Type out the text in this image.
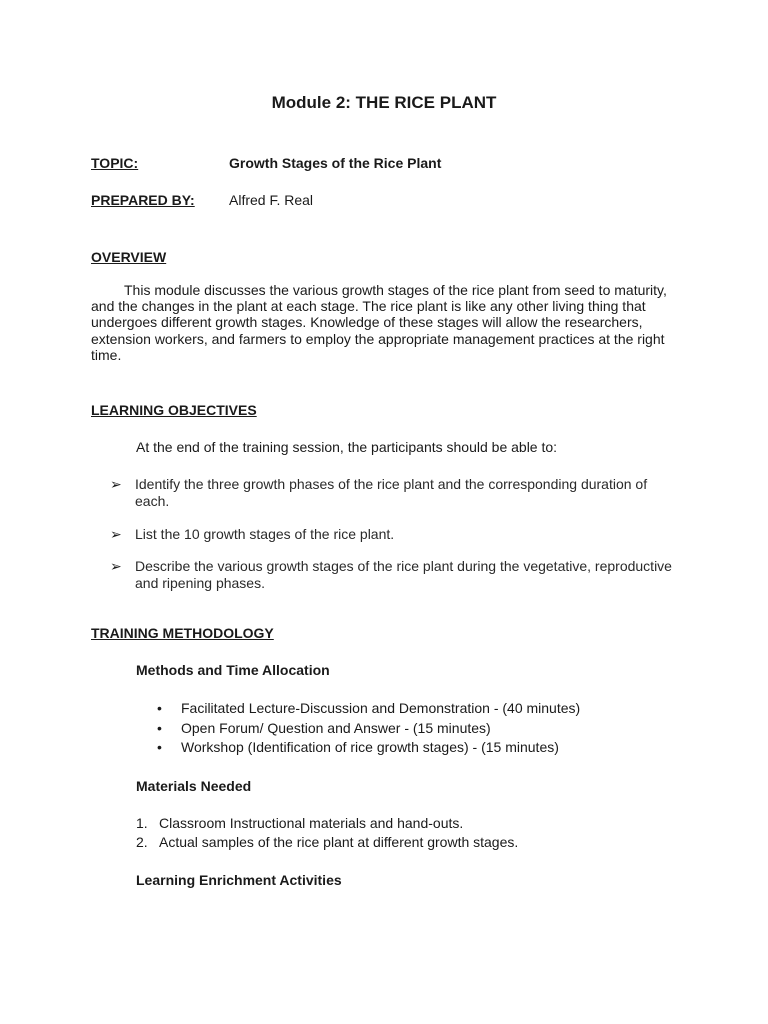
Module 2: THE RICE PLANT
TOPIC:	Growth Stages of the Rice Plant
PREPARED BY: Alfred F. Real
OVERVIEW
This module discusses the various growth stages of the rice plant from seed to maturity,
and the changes in the plant at each stage. The rice plant is like any other living thing that
undergoes different growth stages. Knowledge of these stages will allow the researchers,
extension workers, and farmers to employ the appropriate management practices at the right
time.
LEARNING OBJECTIVES
At the end of the training session, the participants should be able to:
➢ Identify the three growth phases of the rice plant and the corresponding duration of
each.
➢ List the 10 growth stages of the rice plant.
➢ Describe the various growth stages of the rice plant during the vegetative, reproductive
and ripening phases.
TRAINING METHODOLOGY
Methods and Time Allocation
• Facilitated Lecture-Discussion and Demonstration - (40 minutes)
• Open Forum/ Question and Answer - (15 minutes)
• Workshop (Identification of rice growth stages) - (15 minutes)
Materials Needed
1. Classroom Instructional materials and hand-outs.
2. Actual samples of the rice plant at different growth stages.
Learning Enrichment Activities
